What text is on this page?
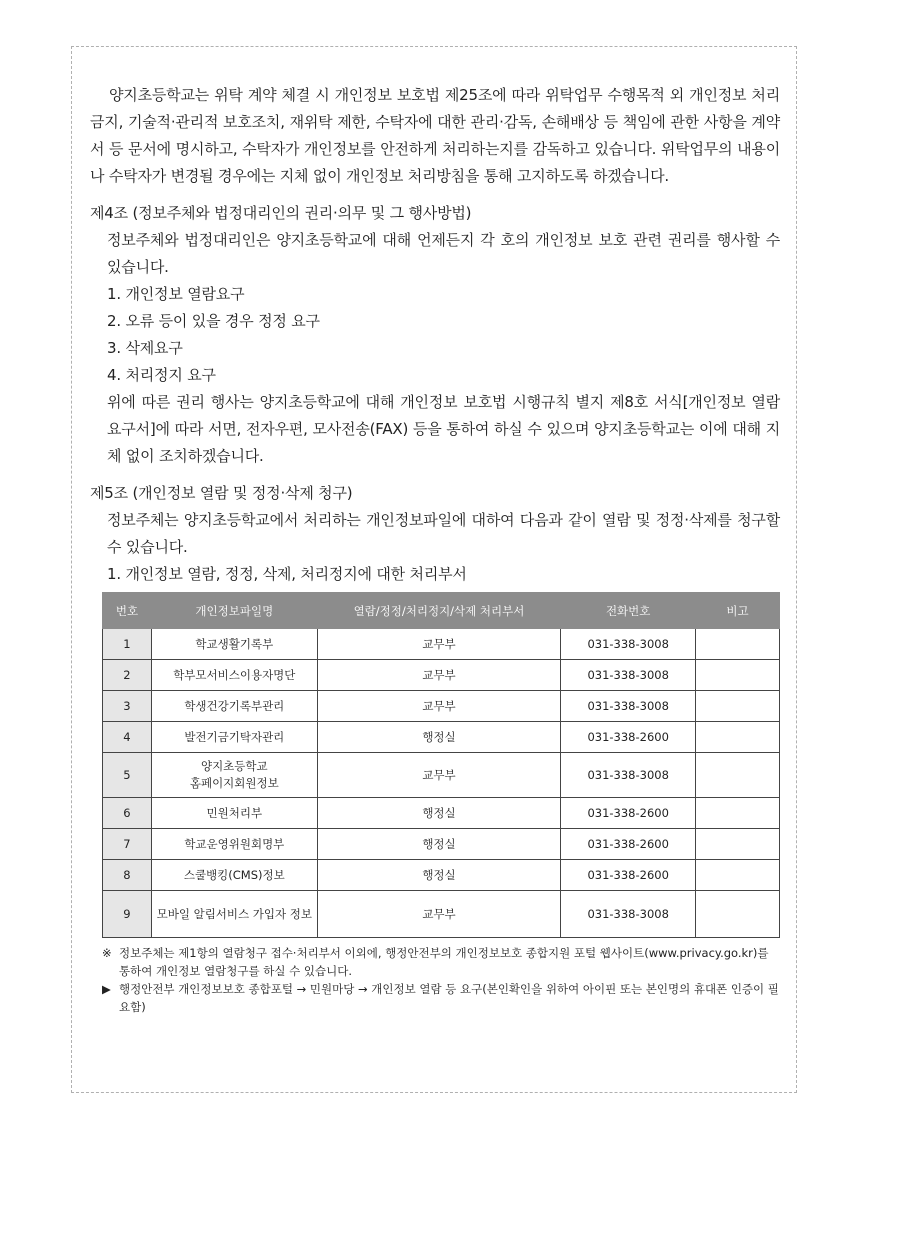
양지초등학교는 위탁 계약 체결 시 개인정보 보호법 제25조에 따라 위탁업무 수행목적 외 개인정보 처리금지, 기술적·관리적 보호조치, 재위탁 제한, 수탁자에 대한 관리·감독, 손해배상 등 책임에 관한 사항을 계약서 등 문서에 명시하고, 수탁자가 개인정보를 안전하게 처리하는지를 감독하고 있습니다. 위탁업무의 내용이나 수탁자가 변경될 경우에는 지체 없이 개인정보 처리방침을 통해 고지하도록 하겠습니다.

제4조 (정보주체와 법정대리인의 권리·의무 및 그 행사방법)

정보주체와 법정대리인은 양지초등학교에 대해 언제든지 각 호의 개인정보 보호 관련 권리를 행사할 수 있습니다.

1. 개인정보 열람요구

2. 오류 등이 있을 경우 정정 요구

3. 삭제요구

4. 처리정지 요구

위에 따른 권리 행사는 양지초등학교에 대해 개인정보 보호법 시행규칙 별지 제8호 서식[개인정보 열람 요구서]에 따라 서면, 전자우편, 모사전송(FAX) 등을 통하여 하실 수 있으며 양지초등학교는 이에 대해 지체 없이 조치하겠습니다.

제5조 (개인정보 열람 및 정정·삭제 청구)

정보주체는 양지초등학교에서 처리하는 개인정보파일에 대하여 다음과 같이 열람 및 정정·삭제를 청구할 수 있습니다.

1. 개인정보 열람, 정정, 삭제, 처리정지에 대한 처리부서

번호	개인정보파일명	열람/정정/처리정지/삭제 처리부서	전화번호	비고
1	학교생활기록부	교무부	031-338-3008	
2	학부모서비스이용자명단	교무부	031-338-3008	
3	학생건강기록부관리	교무부	031-338-3008	
4	발전기금기탁자관리	행정실	031-338-2600	
5	양지초등학교
홈페이지회원정보	교무부	031-338-3008	
6	민원처리부	행정실	031-338-2600	
7	학교운영위원회명부	행정실	031-338-2600	
8	스쿨뱅킹(CMS)정보	행정실	031-338-2600	
9	모바일 알림서비스 가입자 정보	교무부	031-338-3008	
※ 정보주체는 제1항의 열람청구 접수·처리부서 이외에, 행정안전부의 개인정보보호 종합지원 포털 웹사이트(www.privacy.go.kr)를 통하여 개인정보 열람청구를 하실 수 있습니다.
▶ 행정안전부 개인정보보호 종합포털 → 민원마당 → 개인정보 열람 등 요구(본인확인을 위하여 아이핀 또는 본인명의 휴대폰 인증이 필요함)
